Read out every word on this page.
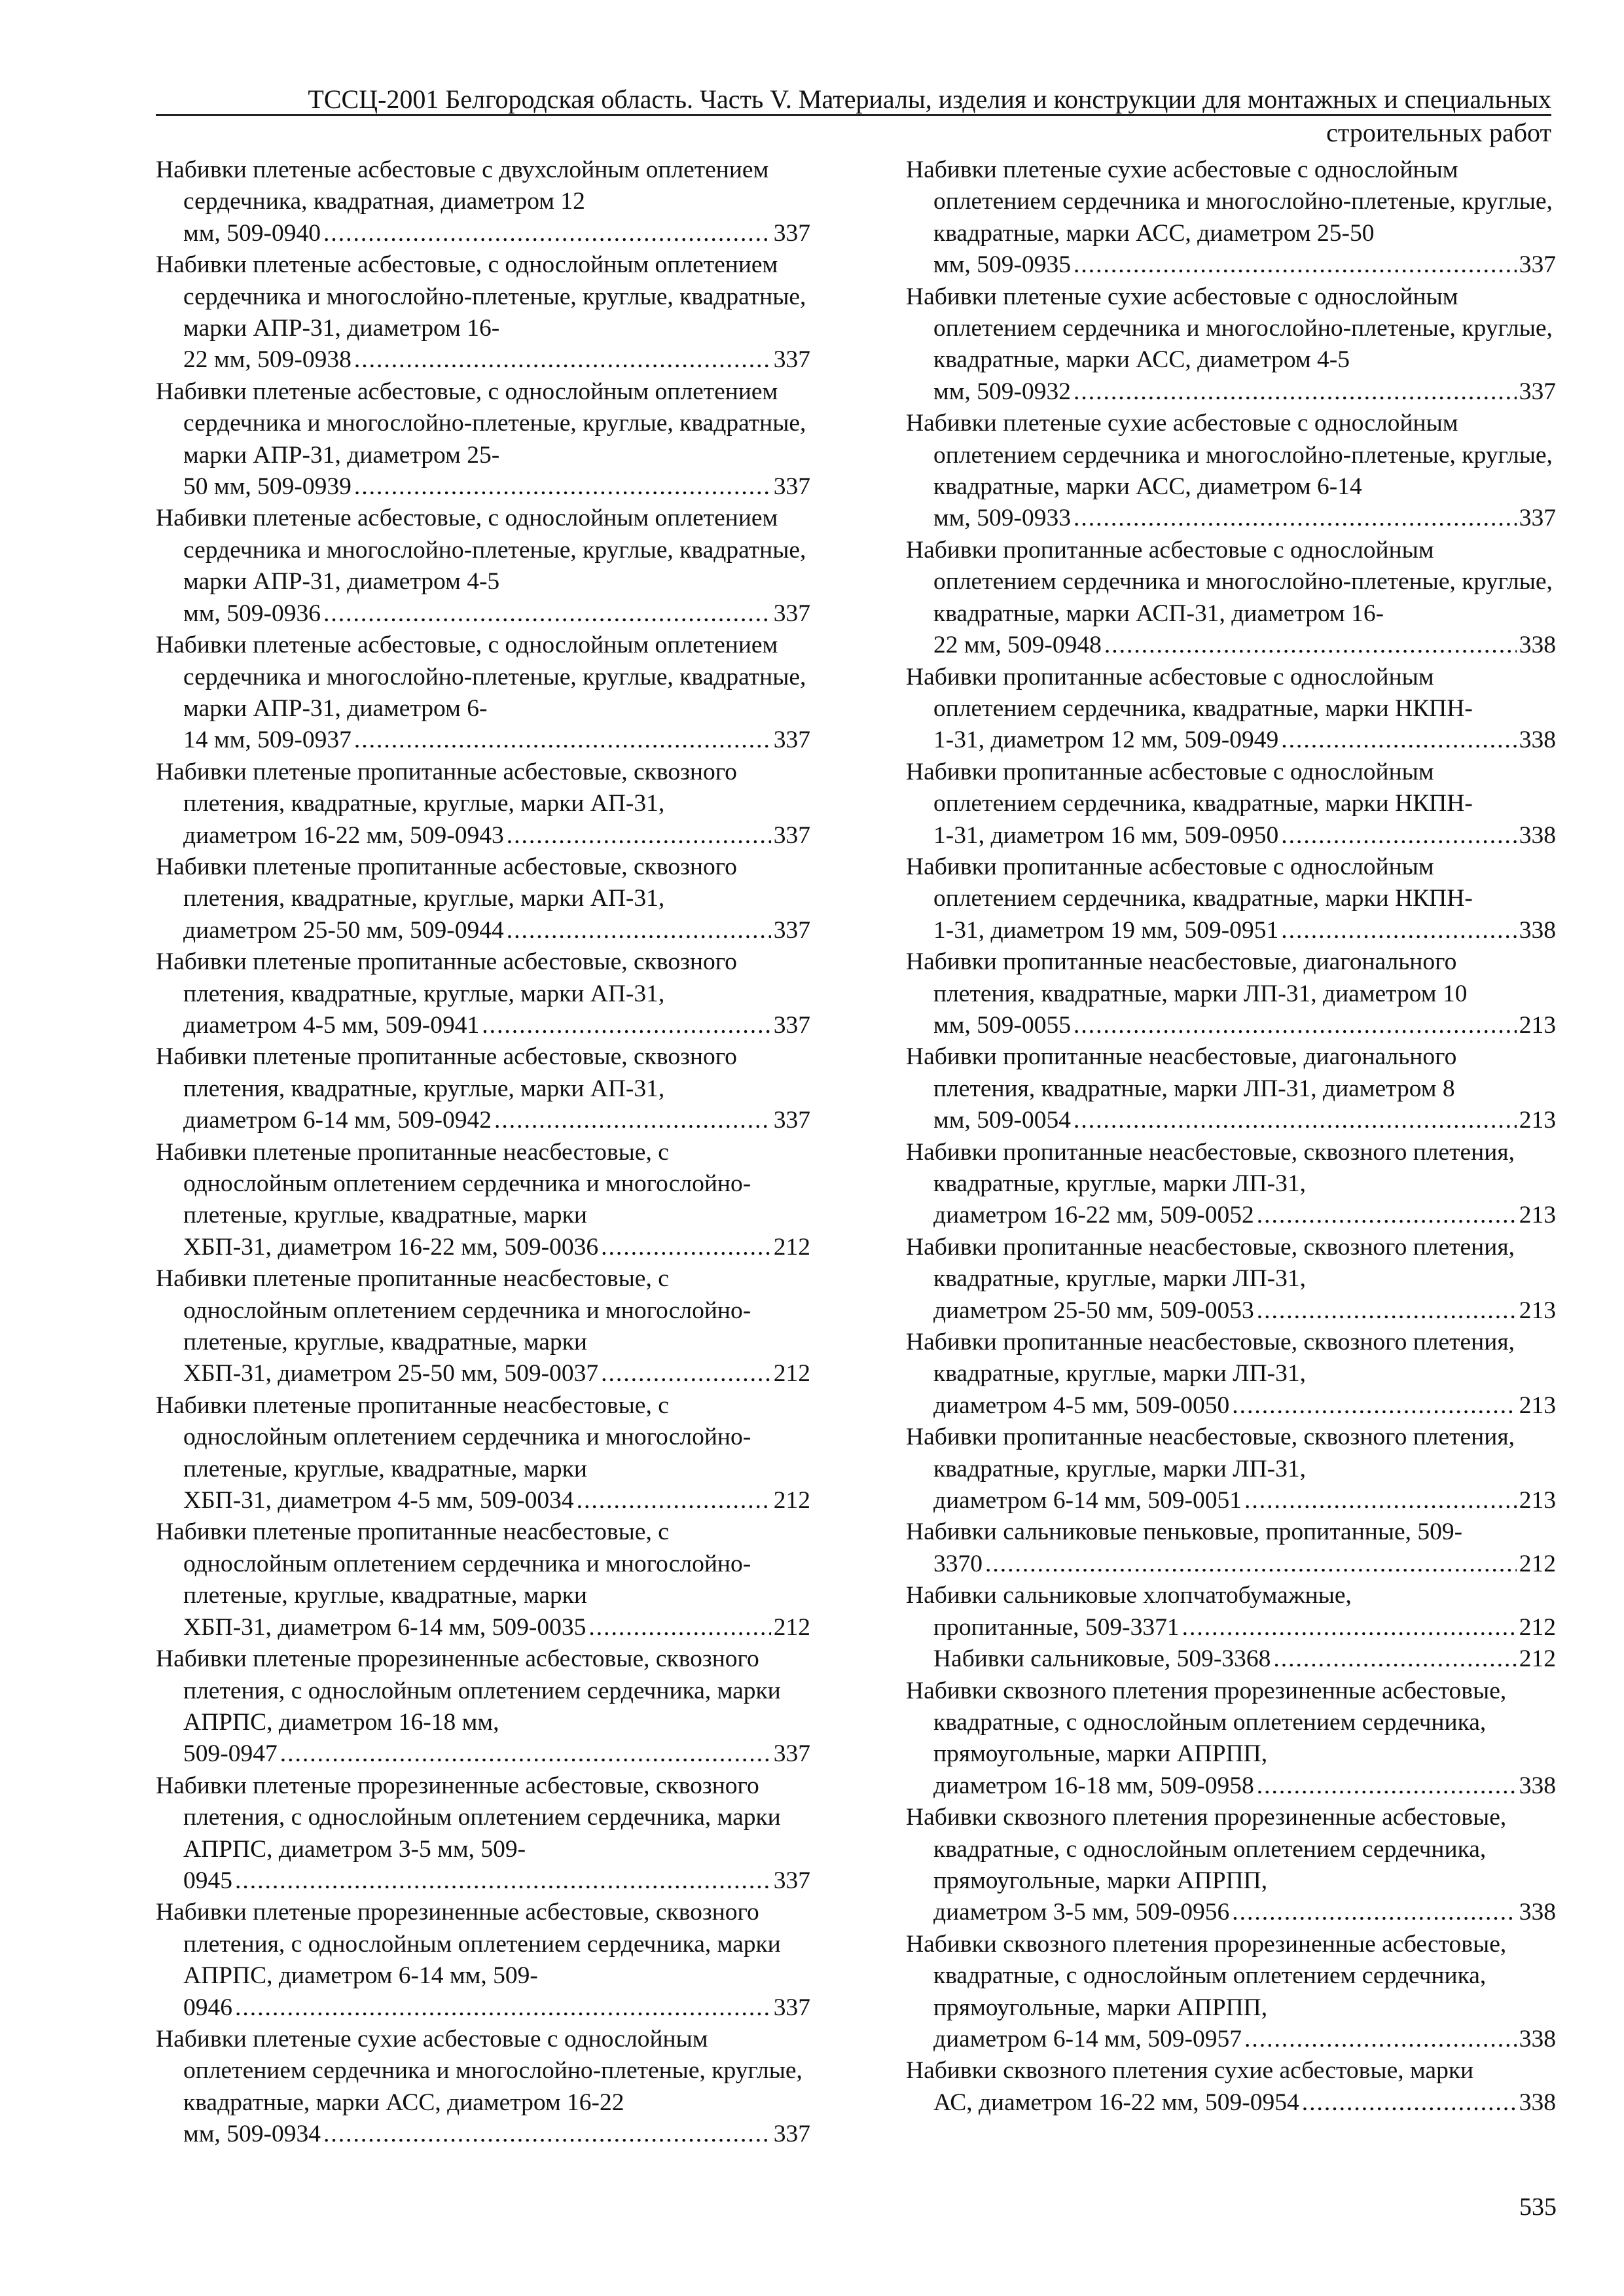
ТССЦ-2001 Белгородская область. Часть V. Материалы, изделия и конструкции для монтажных и специальных
строительных работ
Набивки плетеные асбестовые с двухслойным оплетением сердечника, квадратная, диаметром 12
мм, 509-0940 .....	337
Набивки плетеные асбестовые, с однослойным оплетением сердечника и многослойно-плетеные, круглые, квадратные, марки АПР-31, диаметром 16-
22 мм, 509-0938 .....	337
Набивки плетеные асбестовые, с однослойным оплетением сердечника и многослойно-плетеные, круглые, квадратные, марки АПР-31, диаметром 25-
50 мм, 509-0939 .....	337
Набивки плетеные асбестовые, с однослойным оплетением сердечника и многослойно-плетеные, круглые, квадратные, марки АПР-31, диаметром 4-5
мм, 509-0936 .....	337
Набивки плетеные асбестовые, с однослойным оплетением сердечника и многослойно-плетеные, круглые, квадратные, марки АПР-31, диаметром 6-
14 мм, 509-0937 .....	337
Набивки плетеные пропитанные асбестовые, сквозного плетения, квадратные, круглые, марки АП-31,
диаметром 16-22 мм, 509-0943 .....	337
Набивки плетеные пропитанные асбестовые, сквозного плетения, квадратные, круглые, марки АП-31,
диаметром 25-50 мм, 509-0944 .....	337
Набивки плетеные пропитанные асбестовые, сквозного плетения, квадратные, круглые, марки АП-31,
диаметром 4-5 мм, 509-0941 .....	337
Набивки плетеные пропитанные асбестовые, сквозного плетения, квадратные, круглые, марки АП-31,
диаметром 6-14 мм, 509-0942 .....	337
Набивки плетеные пропитанные неасбестовые, с однослойным оплетением сердечника и многослойно-плетеные, круглые, квадратные, марки
ХБП-31, диаметром 16-22 мм, 509-0036 .....	212
Набивки плетеные пропитанные неасбестовые, с однослойным оплетением сердечника и многослойно-плетеные, круглые, квадратные, марки
ХБП-31, диаметром 25-50 мм, 509-0037 .....	212
Набивки плетеные пропитанные неасбестовые, с однослойным оплетением сердечника и многослойно-плетеные, круглые, квадратные, марки
ХБП-31, диаметром 4-5 мм, 509-0034 .....	212
Набивки плетеные пропитанные неасбестовые, с однослойным оплетением сердечника и многослойно-плетеные, круглые, квадратные, марки
ХБП-31, диаметром 6-14 мм, 509-0035 .....	212
Набивки плетеные прорезиненные асбестовые, сквозного плетения, с однослойным оплетением сердечника, марки АПРПС, диаметром 16-18 мм,
509-0947 .....	337
Набивки плетеные прорезиненные асбестовые, сквозного плетения, с однослойным оплетением сердечника, марки АПРПС, диаметром 3-5 мм, 509-
0945 .....	337
Набивки плетеные прорезиненные асбестовые, сквозного плетения, с однослойным оплетением сердечника, марки АПРПС, диаметром 6-14 мм, 509-
0946 .....	337
Набивки плетеные сухие асбестовые с однослойным оплетением сердечника и многослойно-плетеные, круглые, квадратные, марки АСС, диаметром 16-22
мм, 509-0934 .....	337
Набивки плетеные сухие асбестовые с однослойным оплетением сердечника и многослойно-плетеные, круглые, квадратные, марки АСС, диаметром 25-50
мм, 509-0935 .....	337
Набивки плетеные сухие асбестовые с однослойным оплетением сердечника и многослойно-плетеные, круглые, квадратные, марки АСС, диаметром 4-5
мм, 509-0932 .....	337
Набивки плетеные сухие асбестовые с однослойным оплетением сердечника и многослойно-плетеные, круглые, квадратные, марки АСС, диаметром 6-14
мм, 509-0933 .....	337
Набивки пропитанные асбестовые с однослойным оплетением сердечника и многослойно-плетеные, круглые, квадратные, марки АСП-31, диаметром 16-
22 мм, 509-0948 .....	338
Набивки пропитанные асбестовые с однослойным оплетением сердечника, квадратные, марки НКПН-
1-31, диаметром 12 мм, 509-0949 .....	338
Набивки пропитанные асбестовые с однослойным оплетением сердечника, квадратные, марки НКПН-
1-31, диаметром 16 мм, 509-0950 .....	338
Набивки пропитанные асбестовые с однослойным оплетением сердечника, квадратные, марки НКПН-
1-31, диаметром 19 мм, 509-0951 .....	338
Набивки пропитанные неасбестовые, диагонального плетения, квадратные, марки ЛП-31, диаметром 10
мм, 509-0055 .....	213
Набивки пропитанные неасбестовые, диагонального плетения, квадратные, марки ЛП-31, диаметром 8
мм, 509-0054 .....	213
Набивки пропитанные неасбестовые, сквозного плетения, квадратные, круглые, марки ЛП-31,
диаметром 16-22 мм, 509-0052 .....	213
Набивки пропитанные неасбестовые, сквозного плетения, квадратные, круглые, марки ЛП-31,
диаметром 25-50 мм, 509-0053 .....	213
Набивки пропитанные неасбестовые, сквозного плетения, квадратные, круглые, марки ЛП-31,
диаметром 4-5 мм, 509-0050 .....	213
Набивки пропитанные неасбестовые, сквозного плетения, квадратные, круглые, марки ЛП-31,
диаметром 6-14 мм, 509-0051 .....	213
Набивки сальниковые пеньковые, пропитанные, 509-
3370 .....	212
Набивки сальниковые хлопчатобумажные,
пропитанные, 509-3371 .....	212
Набивки сальниковые, 509-3368 .....	212
Набивки сквозного плетения прорезиненные асбестовые, квадратные, с однослойным оплетением сердечника, прямоугольные, марки АПРПП,
диаметром 16-18 мм, 509-0958 .....	338
Набивки сквозного плетения прорезиненные асбестовые, квадратные, с однослойным оплетением сердечника, прямоугольные, марки АПРПП,
диаметром 3-5 мм, 509-0956 .....	338
Набивки сквозного плетения прорезиненные асбестовые, квадратные, с однослойным оплетением сердечника, прямоугольные, марки АПРПП,
диаметром 6-14 мм, 509-0957 .....	338
Набивки сквозного плетения сухие асбестовые, марки
АС, диаметром 16-22 мм, 509-0954 .....	338
535
